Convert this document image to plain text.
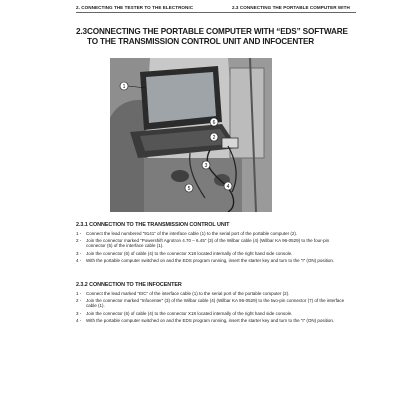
2. CONNECTING THE TESTER TO THE ELECTRONIC	2.3 CONNECTING THE PORTABLE COMPUTER WITH
2.3 CONNECTING THE PORTABLE COMPUTER WITH “EDS” SOFTWARE TO THE TRANSMISSION CONTROL UNIT AND INFOCENTER
1
6
2
3
5	4
2.3.1 CONNECTION TO THE TRANSMISSION CONTROL UNIT
1 - Connect the lead numbered “9141” of the interface cable (1) to the serial port of the portable computer (2).
2 - Join the connector marked “Powershift Agrotron 4.70 – 6.45” (3) of the Wilbar cable (4) (Wilbar KA 96-0529) to the four-pin connector (5) of the interface cable (1).
3 - Join the connector (6) of cable (4) to the connector X18 located internally of the right hand side console.
4 - With the portable computer switched on and the EDS program running, insert the starter key and turn to the “I” (ON) position.
2.3.2 CONNECTION TO THE INFOCENTER
1 - Connect the lead marked “EIC” of the interface cable (1) to the serial port of the portable computer (2).
2 - Join the connector marked “Infocenter” (3) of the Wilbar cable (4) (Wilbar KA 96-0529) to the two-pin connector (7) of the interface cable (1).
3 - Join the connector (6) of cable (4) to the connector X18 located internally of the right hand side console.
4 - With the portable computer switched on and the EDS program running, insert the starter key and turn to the “I” (ON) position.
